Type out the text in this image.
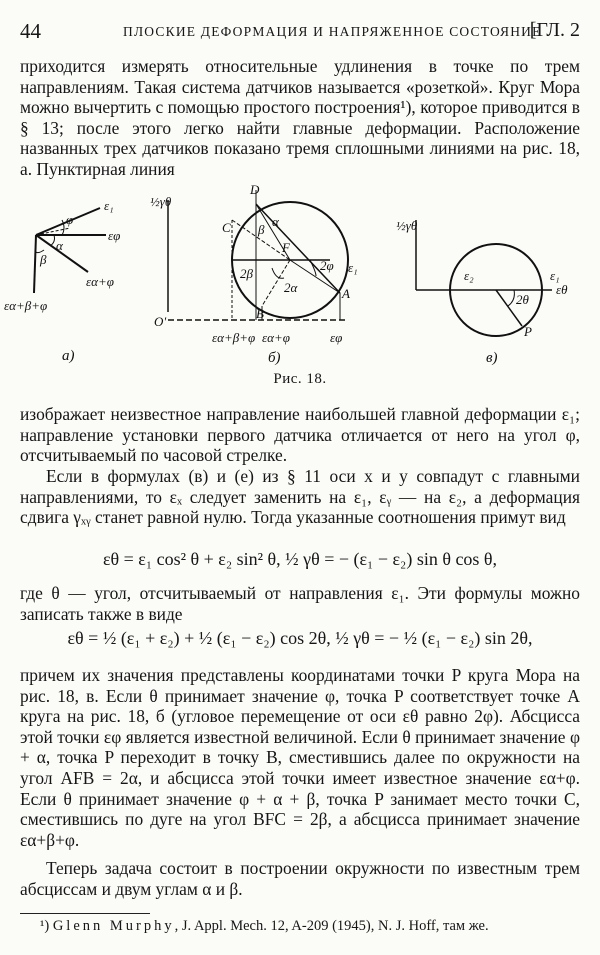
44	ПЛОСКИЕ ДЕФОРМАЦИЯ И НАПРЯЖЕННОЕ СОСТОЯНИЕ
[ГЛ. 2

приходится измерять относительные удлинения в точке по трем направлениям. Такая система датчиков называется «розеткой». Круг Мора можно вычертить с помощью простого построения¹), которое приводится в § 13; после этого легко найти главные деформации. Расположение названных трех датчиков показано тремя сплошными линиями на рис. 18, а. Пунктирная линия

ε₁
εφ
εα+φ
εα+β+φ
φ
α
β
а)
½γθ
D
C
F
B
A
O'
2φ
2α
2β
α
β
ε₁
εα+β+φ εα+φ	εφ
б)
½γθ
ε₂	ε₁
εθ
2θ
P
в)
Рис. 18.

изображает неизвестное направление наибольшей главной деформации ε₁; направление установки первого датчика отличается от него на угол φ, отсчитываемый по часовой стрелке.

Если в формулах (в) и (е) из § 11 оси x и y совпадут с главными направлениями, то εₓ следует заменить на ε₁, εᵧ — на ε₂, а деформация сдвига γₓᵧ станет равной нулю. Тогда указанные соотношения примут вид

εθ = ε₁ cos² θ + ε₂ sin² θ, ½ γθ = − (ε₁ − ε₂) sin θ cos θ,

где θ — угол, отсчитываемый от направления ε₁. Эти формулы можно записать также в виде

εθ = ½ (ε₁ + ε₂) + ½ (ε₁ − ε₂) cos 2θ, ½ γθ = − ½ (ε₁ − ε₂) sin 2θ,

причем их значения представлены координатами точки P круга Мора на рис. 18, в. Если θ принимает значение φ, точка P соответствует точке A круга на рис. 18, б (угловое перемещение от оси εθ равно 2φ). Абсцисса этой точки εφ является известной величиной. Если θ принимает значение φ + α, точка P переходит в точку B, сместившись далее по окружности на угол AFB = 2α, и абсцисса этой точки имеет известное значение εα+φ. Если θ принимает значение φ + α + β, точка P занимает место точки C, сместившись по дуге на угол BFC = 2β, а абсцисса принимает значение εα+β+φ.

Теперь задача состоит в построении окружности по известным трем абсциссам и двум углам α и β.

¹) Glenn Murphy, J. Appl. Mech. 12, A-209 (1945), N. J. Hoff, там же.
